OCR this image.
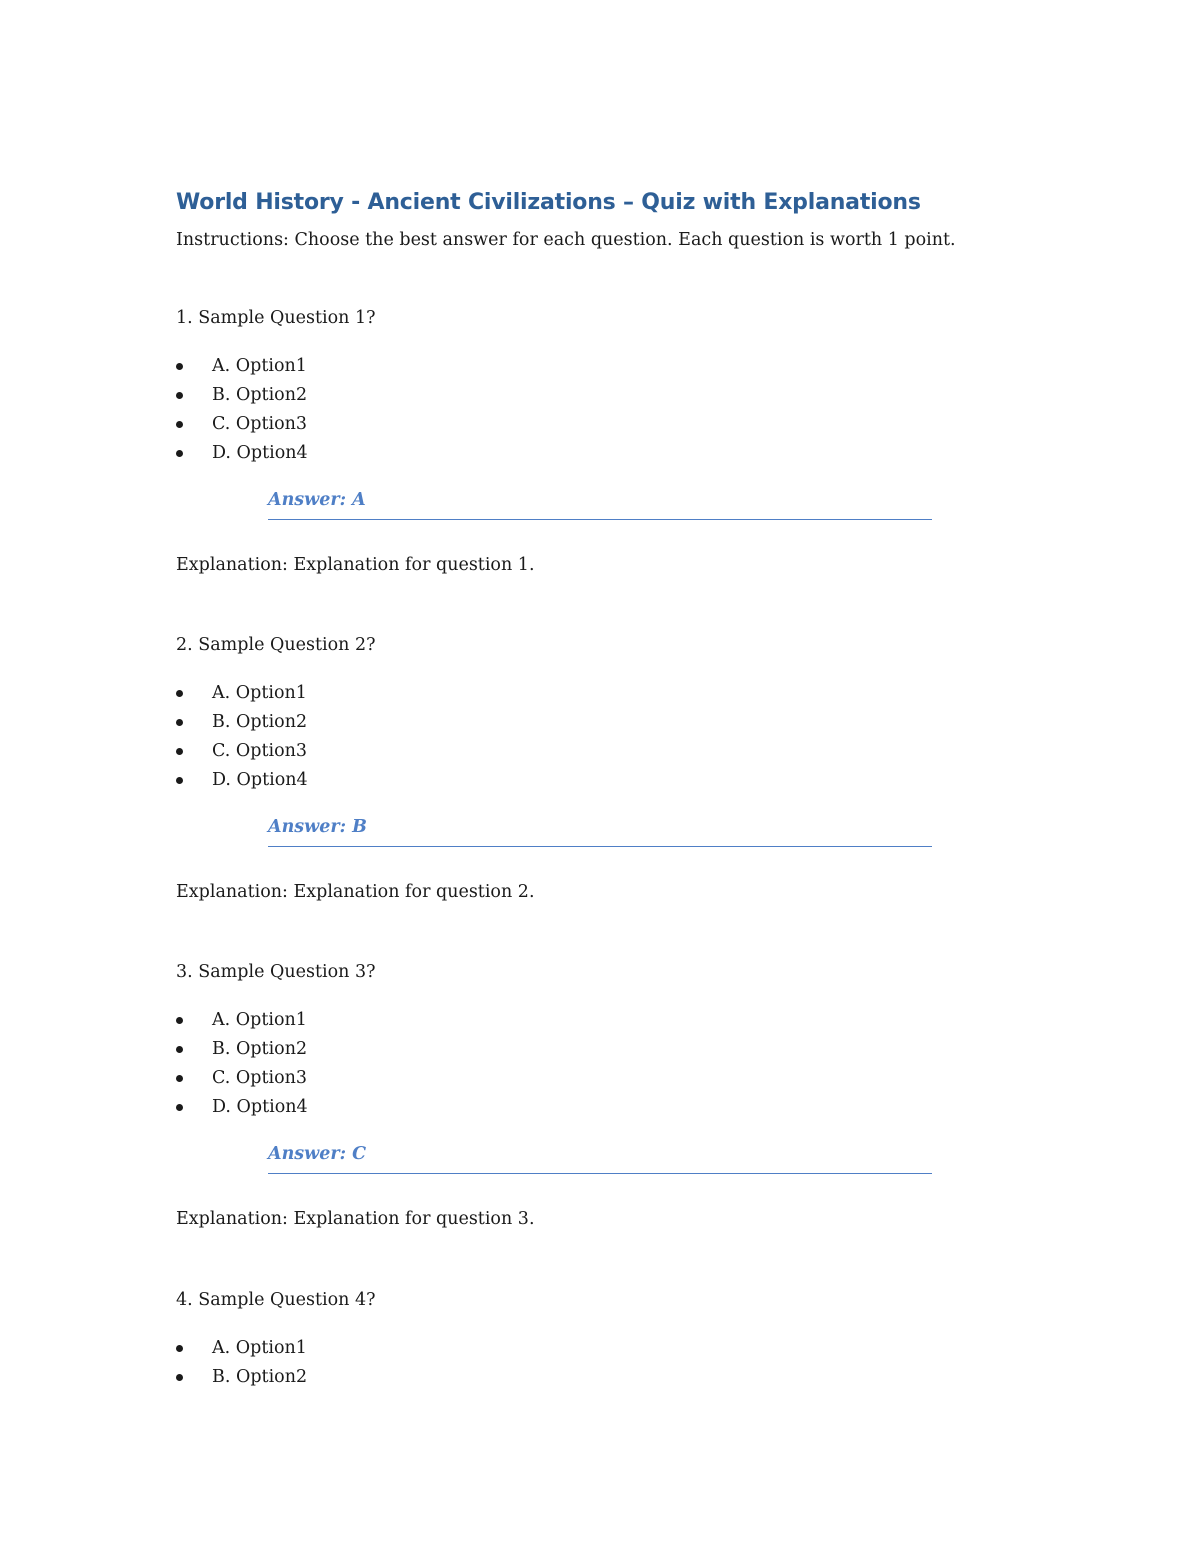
World History - Ancient Civilizations – Quiz with Explanations
Instructions: Choose the best answer for each question. Each question is worth 1 point.
1. Sample Question 1?
A. Option1
B. Option2
C. Option3
D. Option4
Answer: A
Explanation: Explanation for question 1.
2. Sample Question 2?
A. Option1
B. Option2
C. Option3
D. Option4
Answer: B
Explanation: Explanation for question 2.
3. Sample Question 3?
A. Option1
B. Option2
C. Option3
D. Option4
Answer: C
Explanation: Explanation for question 3.
4. Sample Question 4?
A. Option1
B. Option2
